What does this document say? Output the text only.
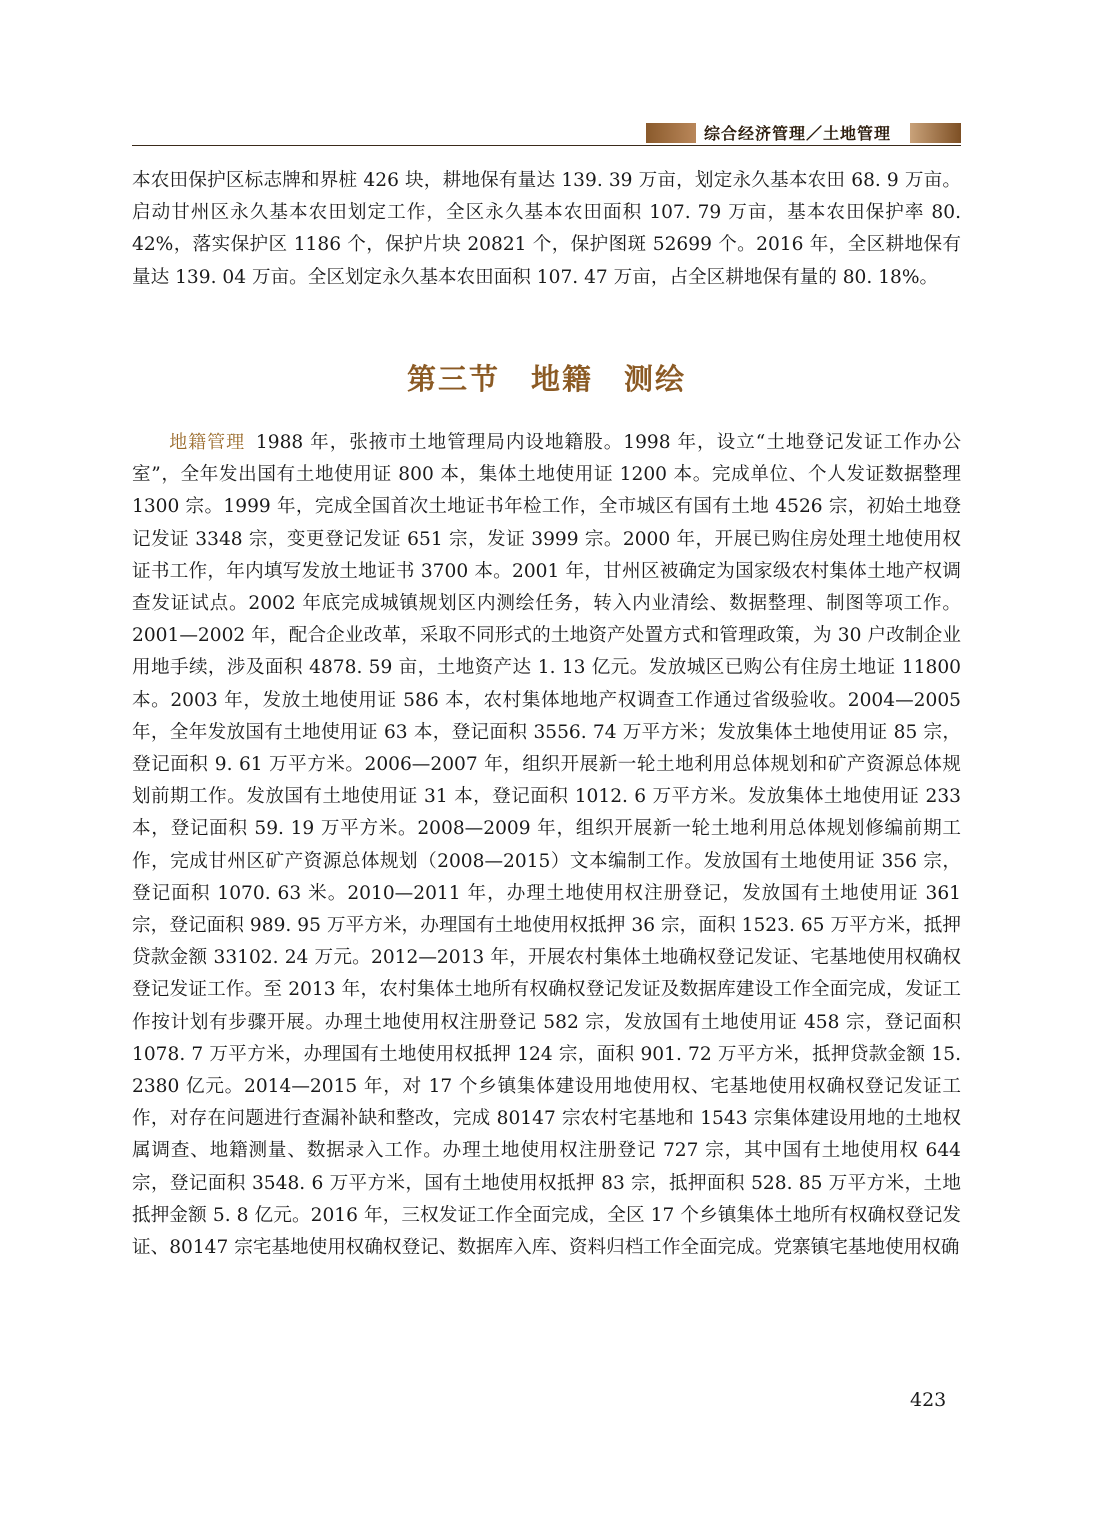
综合经济管理／土地管理

本农田保护区标志牌和界桩 426 块，耕地保有量达 139. 39 万亩，划定永久基本农田 68. 9 万亩。启动甘州区永久基本农田划定工作，全区永久基本农田面积 107. 79 万亩，基本农田保护率 80. 42%，落实保护区 1186 个，保护片块 20821 个，保护图斑 52699 个。2016 年，全区耕地保有量达 139. 04 万亩。全区划定永久基本农田面积 107. 47 万亩，占全区耕地保有量的 80. 18%。

第三节　地籍　测绘

地籍管理 1988 年，张掖市土地管理局内设地籍股。1998 年，设立“土地登记发证工作办公室”，全年发出国有土地使用证 800 本，集体土地使用证 1200 本。完成单位、个人发证数据整理 1300 宗。1999 年，完成全国首次土地证书年检工作，全市城区有国有土地 4526 宗，初始土地登记发证 3348 宗，变更登记发证 651 宗，发证 3999 宗。2000 年，开展已购住房处理土地使用权证书工作，年内填写发放土地证书 3700 本。2001 年，甘州区被确定为国家级农村集体土地产权调查发证试点。2002 年底完成城镇规划区内测绘任务，转入内业清绘、数据整理、制图等项工作。2001—2002 年，配合企业改革，采取不同形式的土地资产处置方式和管理政策，为 30 户改制企业用地手续，涉及面积 4878. 59 亩，土地资产达 1. 13 亿元。发放城区已购公有住房土地证 11800 本。2003 年，发放土地使用证 586 本，农村集体地地产权调查工作通过省级验收。2004—2005 年，全年发放国有土地使用证 63 本，登记面积 3556. 74 万平方米；发放集体土地使用证 85 宗，登记面积 9. 61 万平方米。2006—2007 年，组织开展新一轮土地利用总体规划和矿产资源总体规划前期工作。发放国有土地使用证 31 本，登记面积 1012. 6 万平方米。发放集体土地使用证 233 本，登记面积 59. 19 万平方米。2008—2009 年，组织开展新一轮土地利用总体规划修编前期工作，完成甘州区矿产资源总体规划（2008—2015）文本编制工作。发放国有土地使用证 356 宗，登记面积 1070. 63 米。2010—2011 年，办理土地使用权注册登记，发放国有土地使用证 361 宗，登记面积 989. 95 万平方米，办理国有土地使用权抵押 36 宗，面积 1523. 65 万平方米，抵押贷款金额 33102. 24 万元。2012—2013 年，开展农村集体土地确权登记发证、宅基地使用权确权登记发证工作。至 2013 年，农村集体土地所有权确权登记发证及数据库建设工作全面完成，发证工作按计划有步骤开展。办理土地使用权注册登记 582 宗，发放国有土地使用证 458 宗，登记面积 1078. 7 万平方米，办理国有土地使用权抵押 124 宗，面积 901. 72 万平方米，抵押贷款金额 15. 2380 亿元。2014—2015 年，对 17 个乡镇集体建设用地使用权、宅基地使用权确权登记发证工作，对存在问题进行查漏补缺和整改，完成 80147 宗农村宅基地和 1543 宗集体建设用地的土地权属调查、地籍测量、数据录入工作。办理土地使用权注册登记 727 宗，其中国有土地使用权 644 宗，登记面积 3548. 6 万平方米，国有土地使用权抵押 83 宗，抵押面积 528. 85 万平方米，土地抵押金额 5. 8 亿元。2016 年，三权发证工作全面完成，全区 17 个乡镇集体土地所有权确权登记发证、80147 宗宅基地使用权确权登记、数据库入库、资料归档工作全面完成。党寨镇宅基地使用权确

423
